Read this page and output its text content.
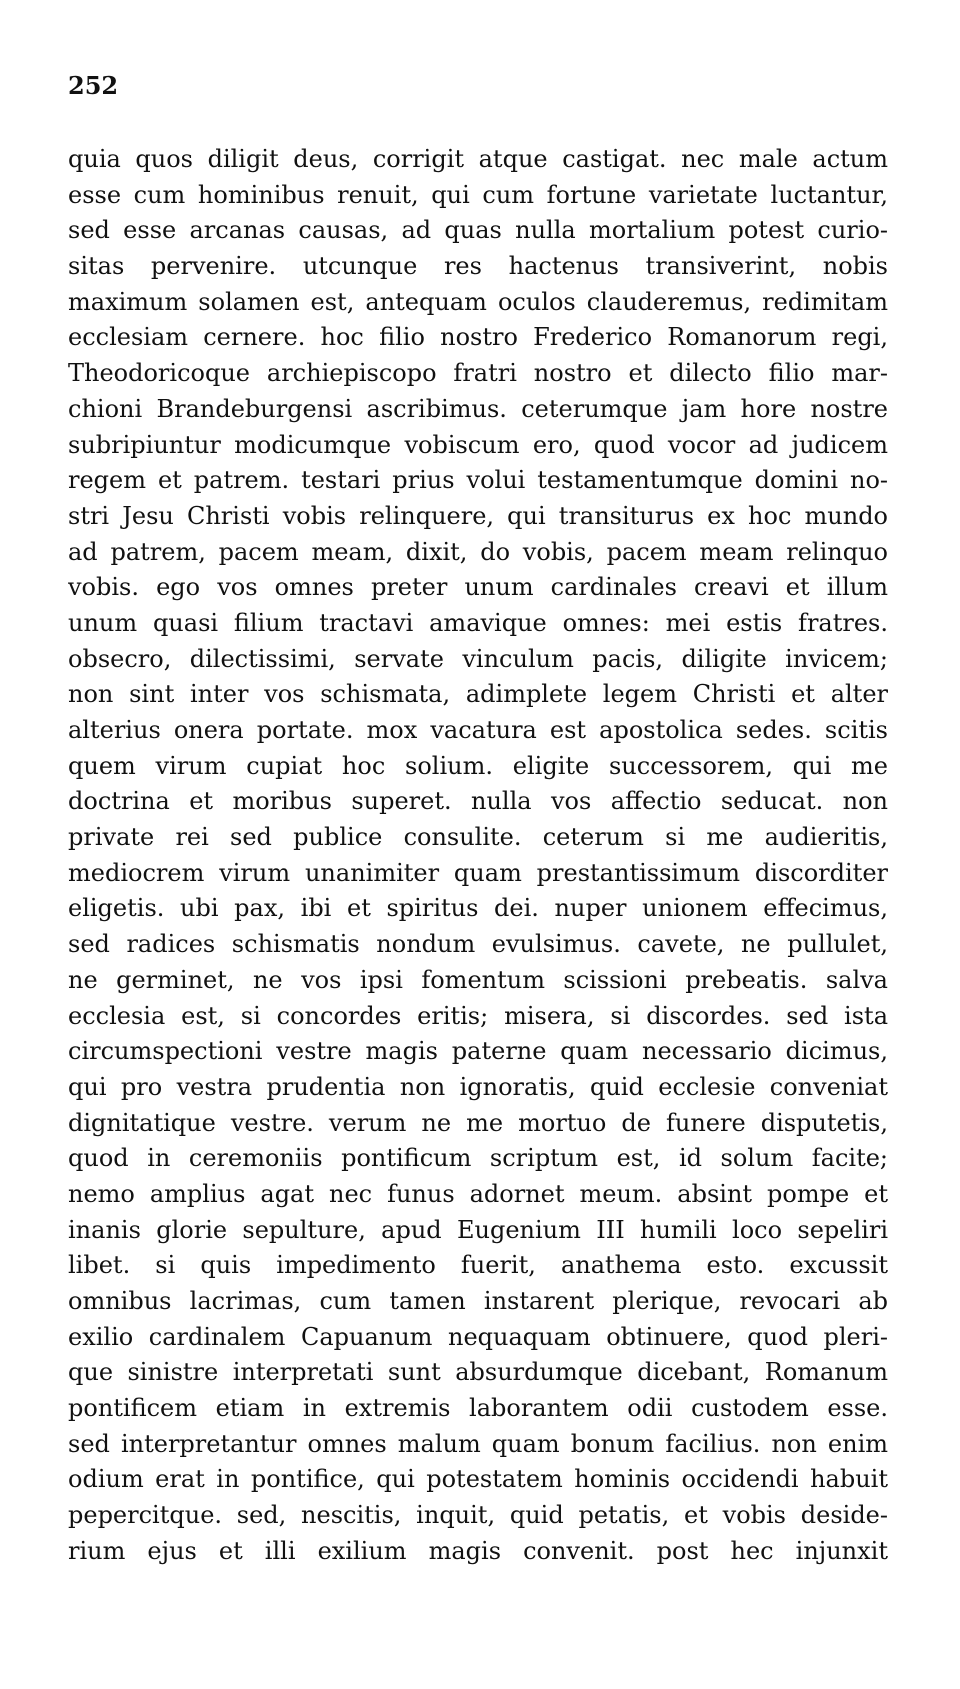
252
quia quos diligit deus, corrigit atque castigat. nec male actum
esse cum hominibus renuit, qui cum fortune varietate luctantur,
sed esse arcanas causas, ad quas nulla mortalium potest curio-
sitas pervenire. utcunque res hactenus transiverint, nobis
maximum solamen est, antequam oculos clauderemus, redimitam
ecclesiam cernere. hoc filio nostro Frederico Romanorum regi,
Theodoricoque archiepiscopo fratri nostro et dilecto filio mar-
chioni Brandeburgensi ascribimus. ceterumque jam hore nostre
subripiuntur modicumque vobiscum ero, quod vocor ad judicem
regem et patrem. testari prius volui testamentumque domini no-
stri Jesu Christi vobis relinquere, qui transiturus ex hoc mundo
ad patrem, pacem meam, dixit, do vobis, pacem meam relinquo
vobis. ego vos omnes preter unum cardinales creavi et illum
unum quasi filium tractavi amavique omnes: mei estis fratres.
obsecro, dilectissimi, servate vinculum pacis, diligite invicem;
non sint inter vos schismata, adimplete legem Christi et alter
alterius onera portate. mox vacatura est apostolica sedes. scitis
quem virum cupiat hoc solium. eligite successorem, qui me
doctrina et moribus superet. nulla vos affectio seducat. non
private rei sed publice consulite. ceterum si me audieritis,
mediocrem virum unanimiter quam prestantissimum discorditer
eligetis. ubi pax, ibi et spiritus dei. nuper unionem effecimus,
sed radices schismatis nondum evulsimus. cavete, ne pullulet,
ne germinet, ne vos ipsi fomentum scissioni prebeatis. salva
ecclesia est, si concordes eritis; misera, si discordes. sed ista
circumspectioni vestre magis paterne quam necessario dicimus,
qui pro vestra prudentia non ignoratis, quid ecclesie conveniat
dignitatique vestre. verum ne me mortuo de funere disputetis,
quod in ceremoniis pontificum scriptum est, id solum facite;
nemo amplius agat nec funus adornet meum. absint pompe et
inanis glorie sepulture, apud Eugenium III humili loco sepeliri
libet. si quis impedimento fuerit, anathema esto. excussit
omnibus lacrimas, cum tamen instarent plerique, revocari ab
exilio cardinalem Capuanum nequaquam obtinuere, quod pleri-
que sinistre interpretati sunt absurdumque dicebant, Romanum
pontificem etiam in extremis laborantem odii custodem esse.
sed interpretantur omnes malum quam bonum facilius. non enim
odium erat in pontifice, qui potestatem hominis occidendi habuit
pepercitque. sed, nescitis, inquit, quid petatis, et vobis deside-
rium ejus et illi exilium magis convenit. post hec injunxit
